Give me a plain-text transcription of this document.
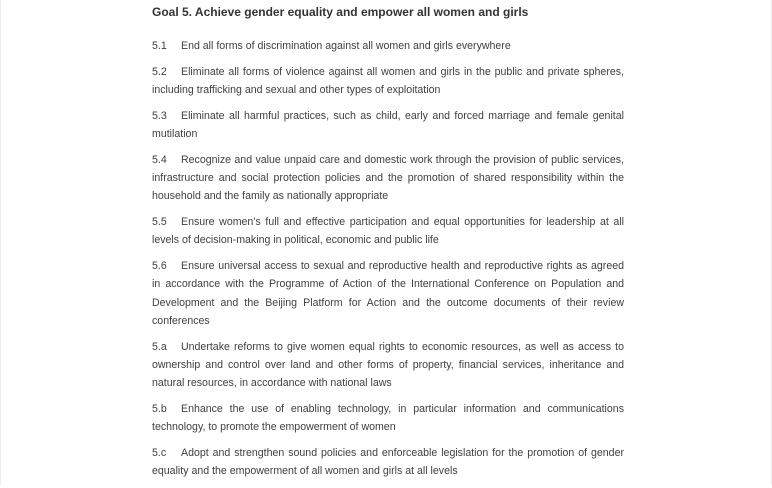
Goal 5. Achieve gender equality and empower all women and girls

5.1 End all forms of discrimination against all women and girls everywhere

5.2 Eliminate all forms of violence against all women and girls in the public and private spheres, including trafficking and sexual and other types of exploitation

5.3 Eliminate all harmful practices, such as child, early and forced marriage and female genital mutilation

5.4 Recognize and value unpaid care and domestic work through the provision of public services, infrastructure and social protection policies and the promotion of shared responsibility within the household and the family as nationally appropriate

5.5 Ensure women’s full and effective participation and equal opportunities for leadership at all levels of decision-making in political, economic and public life

5.6 Ensure universal access to sexual and reproductive health and reproductive rights as agreed in accordance with the Programme of Action of the International Conference on Population and Development and the Beijing Platform for Action and the outcome documents of their review conferences

5.a Undertake reforms to give women equal rights to economic resources, as well as access to ownership and control over land and other forms of property, financial services, inheritance and natural resources, in accordance with national laws

5.b Enhance the use of enabling technology, in particular information and communications technology, to promote the empowerment of women

5.c Adopt and strengthen sound policies and enforceable legislation for the promotion of gender equality and the empowerment of all women and girls at all levels
